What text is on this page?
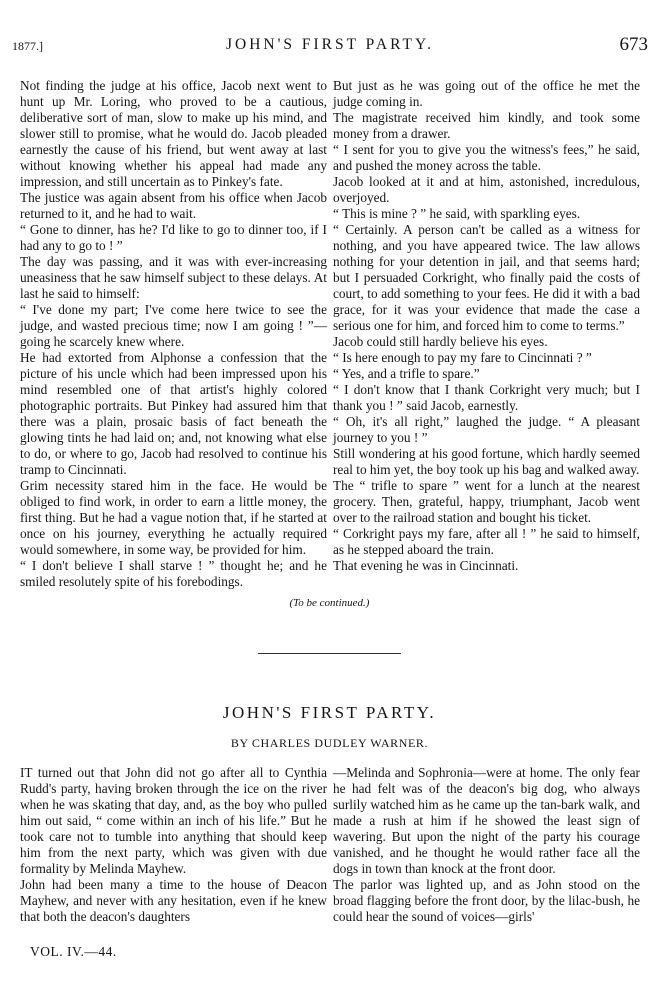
1877.]	JOHN'S FIRST PARTY.	673

Not finding the judge at his office, Jacob next went to hunt up Mr. Loring, who proved to be a cautious, deliberative sort of man, slow to make up his mind, and slower still to promise, what he would do. Jacob pleaded earnestly the cause of his friend, but went away at last without knowing whether his appeal had made any impression, and still uncertain as to Pinkey's fate.

The justice was again absent from his office when Jacob returned to it, and he had to wait.

“ Gone to dinner, has he? I'd like to go to dinner too, if I had any to go to ! ”

The day was passing, and it was with ever-increasing uneasiness that he saw himself subject to these delays. At last he said to himself:

“ I've done my part; I've come here twice to see the judge, and wasted precious time; now I am going ! ”—going he scarcely knew where.

He had extorted from Alphonse a confession that the picture of his uncle which had been impressed upon his mind resembled one of that artist's highly colored photographic portraits. But Pinkey had assured him that there was a plain, prosaic basis of fact beneath the glowing tints he had laid on; and, not knowing what else to do, or where to go, Jacob had resolved to continue his tramp to Cincinnati.

Grim necessity stared him in the face. He would be obliged to find work, in order to earn a little money, the first thing. But he had a vague notion that, if he started at once on his journey, everything he actually required would somewhere, in some way, be provided for him.

“ I don't believe I shall starve ! ” thought he; and he smiled resolutely spite of his forebodings.

But just as he was going out of the office he met the judge coming in.

The magistrate received him kindly, and took some money from a drawer.

“ I sent for you to give you the witness's fees,” he said, and pushed the money across the table.

Jacob looked at it and at him, astonished, incredulous, overjoyed.

“ This is mine ? ” he said, with sparkling eyes.

“ Certainly. A person can't be called as a witness for nothing, and you have appeared twice. The law allows nothing for your detention in jail, and that seems hard; but I persuaded Corkright, who finally paid the costs of court, to add something to your fees. He did it with a bad grace, for it was your evidence that made the case a serious one for him, and forced him to come to terms.”

Jacob could still hardly believe his eyes.

“ Is here enough to pay my fare to Cincinnati ? ”

“ Yes, and a trifle to spare.”

“ I don't know that I thank Corkright very much; but I thank you ! ” said Jacob, earnestly.

“ Oh, it's all right,” laughed the judge. “ A pleasant journey to you ! ”

Still wondering at his good fortune, which hardly seemed real to him yet, the boy took up his bag and walked away.

The “ trifle to spare ” went for a lunch at the nearest grocery. Then, grateful, happy, triumphant, Jacob went over to the railroad station and bought his ticket.

“ Corkright pays my fare, after all ! ” he said to himself, as he stepped aboard the train.

That evening he was in Cincinnati.

(To be continued.)
JOHN'S FIRST PARTY.
BY CHARLES DUDLEY WARNER.

IT turned out that John did not go after all to Cynthia Rudd's party, having broken through the ice on the river when he was skating that day, and, as the boy who pulled him out said, “ come within an inch of his life.” But he took care not to tumble into anything that should keep him from the next party, which was given with due formality by Melinda Mayhew.

John had been many a time to the house of Deacon Mayhew, and never with any hesitation, even if he knew that both the deacon's daughters

—Melinda and Sophronia—were at home. The only fear he had felt was of the deacon's big dog, who always surlily watched him as he came up the tan-bark walk, and made a rush at him if he showed the least sign of wavering. But upon the night of the party his courage vanished, and he thought he would rather face all the dogs in town than knock at the front door.

The parlor was lighted up, and as John stood on the broad flagging before the front door, by the lilac-bush, he could hear the sound of voices—girls'

VOL. IV.—44.
